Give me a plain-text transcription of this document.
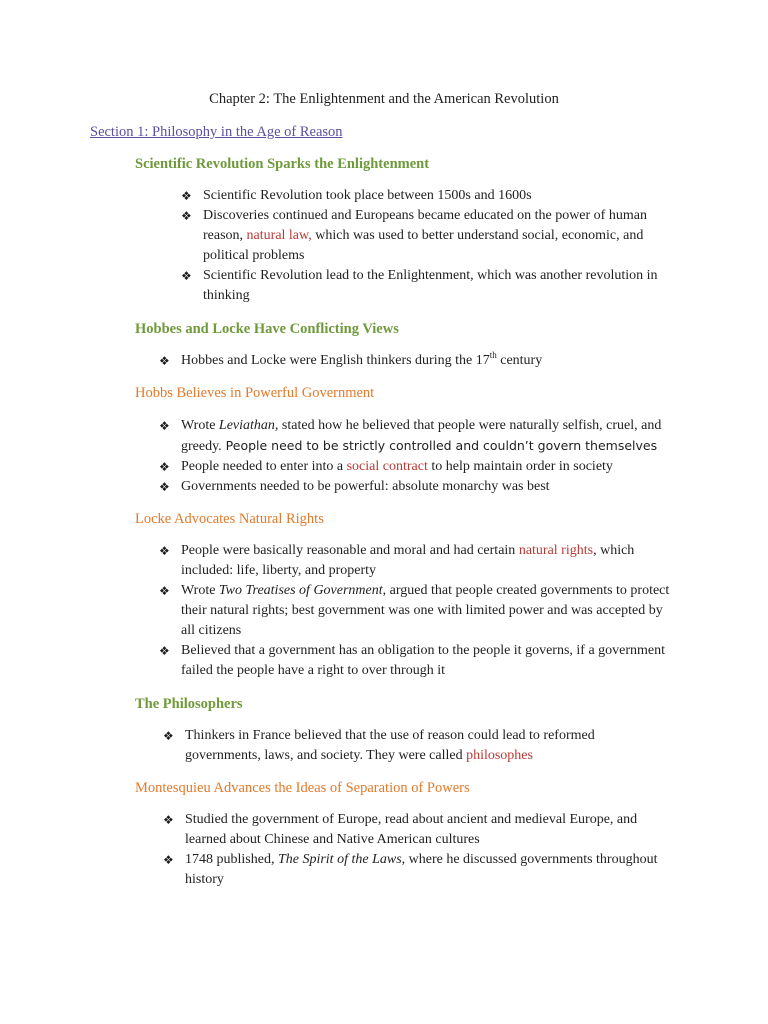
Chapter 2: The Enlightenment and the American Revolution

Section 1: Philosophy in the Age of Reason

Scientific Revolution Sparks the Enlightenment

❖ Scientific Revolution took place between 1500s and 1600s
❖ Discoveries continued and Europeans became educated on the power of human reason, natural law, which was used to better understand social, economic, and political problems
❖ Scientific Revolution lead to the Enlightenment, which was another revolution in thinking

Hobbes and Locke Have Conflicting Views

❖ Hobbes and Locke were English thinkers during the 17th century

Hobbs Believes in Powerful Government

❖ Wrote Leviathan, stated how he believed that people were naturally selfish, cruel, and greedy. People need to be strictly controlled and couldn’t govern themselves
❖ People needed to enter into a social contract to help maintain order in society
❖ Governments needed to be powerful: absolute monarchy was best

Locke Advocates Natural Rights

❖ People were basically reasonable and moral and had certain natural rights, which included: life, liberty, and property
❖ Wrote Two Treatises of Government, argued that people created governments to protect their natural rights; best government was one with limited power and was accepted by all citizens
❖ Believed that a government has an obligation to the people it governs, if a government failed the people have a right to over through it

The Philosophers

❖ Thinkers in France believed that the use of reason could lead to reformed governments, laws, and society. They were called philosophes

Montesquieu Advances the Ideas of Separation of Powers

❖ Studied the government of Europe, read about ancient and medieval Europe, and learned about Chinese and Native American cultures
❖ 1748 published, The Spirit of the Laws, where he discussed governments throughout history
